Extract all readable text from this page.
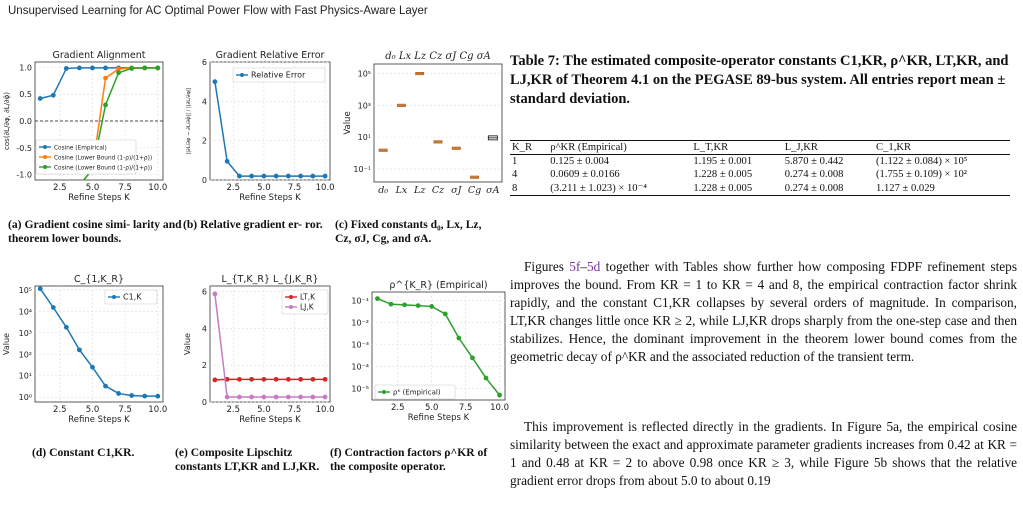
Unsupervised Learning for AC Optimal Power Flow with Fast Physics-Aware Layer
Gradient Alignment
2.5 5.0 7.5 10.0
Refine Steps K
-1.0
-0.5
0.0
0.5
1.0
cos(∂L/∂φ, ∂L/∂φ̂)	Cosine (Empirical)
Cosine (Lower Bound (1-ρ)/(1+ρ))
Cosine (Lower Bound (1-ρ)/(1+ρ))
Gradient Relative Error
2.5 5.0 7.5 10.0
Refine Steps K
0
2
4
6
||∂L/∂φ − ∂L/∂φ̂|| / ||∂L/∂φ||
Relative Error
d₀ Lx Lz Cz σJ Cg σA
10⁻¹
10¹
10³
10⁵
Value
d₀ Lx Lz Cz σJ Cg σA
C_{1,K_R}
2.5 5.0 7.5 10.0
Refine Steps K
10⁰
10¹
10²
10³
10⁴
10⁵
Value
C1,K
L_{T,K_R} L_{J,K_R}
2.5 5.0 7.5 10.0
Refine Steps K
0
2
4
6
Value
LT,K
LJ,K
ρ^{K_R} (Empirical)
2.5 5.0 7.5 10.0
Refine Steps K
10⁻⁵
10⁻⁴
10⁻³
10⁻²
10⁻¹
ρᴷ (Empirical)
(a) Gradient cosine simi- larity and theorem lower bounds.
(b) Relative gradient er- ror.	(c) Fixed constants d₀, Lx, Lz, Cz, σJ, Cg, and σA.
(d) Constant C1,KR.	(e) Composite Lipschitz constants LT,KR and LJ,KR.
(f) Contraction factors ρ^KR of the composite operator.
Table 7: The estimated composite-operator constants C1,KR, ρ^KR, LT,KR, and LJ,KR of Theorem 4.1 on the PEGASE 89-bus system. All entries report mean ± standard deviation.
K_R	ρ^KR (Empirical)	L_T,KR	L_J,KR	C_1,KR
1	0.125 ± 0.004	1.195 ± 0.001	5.870 ± 0.442	(1.122 ± 0.084) × 10⁵
4	0.0609 ± 0.0166	1.228 ± 0.005	0.274 ± 0.008	(1.755 ± 0.109) × 10²
8	(3.211 ± 1.023) × 10⁻⁴	1.228 ± 0.005	0.274 ± 0.008	1.127 ± 0.029

Figures 5f–5d together with Tables show further how composing FDPF refinement steps improves the bound. From KR = 1 to KR = 4 and 8, the empirical contraction factor shrink rapidly, and the constant C1,KR collapses by several orders of magnitude. In comparison, LT,KR changes little once KR ≥ 2, while LJ,KR drops sharply from the one-step case and then stabilizes. Hence, the dominant improvement in the theorem lower bound comes from the geometric decay of ρ^KR and the associated reduction of the transient term.

This improvement is reflected directly in the gradients. In Figure 5a, the empirical cosine similarity between the exact and approximate parameter gradients increases from 0.42 at KR = 1 and 0.48 at KR = 2 to above 0.98 once KR ≥ 3, while Figure 5b shows that the relative gradient error drops from about 5.0 to about 0.19
